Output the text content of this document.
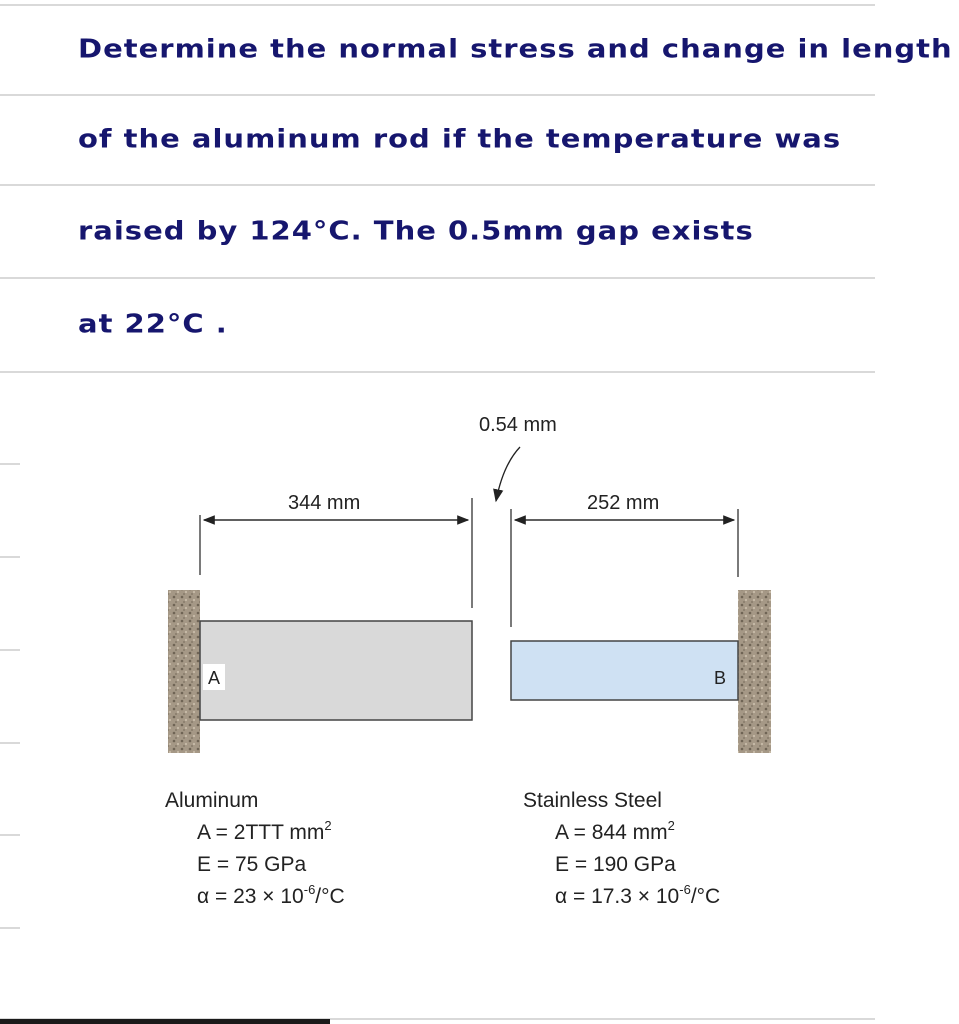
Determine the normal stress and change in length
of the aluminum rod if the temperature was
raised by 124°C. The 0.5mm gap exists
at 22°C .
A	B
344 mm	252 mm
0.54 mm
Aluminum
A = 2TTT $mm^2$
E = 75 GPa
$\alpha = 23 \times 10^{-6}/^\circ C$
Stainless Steel
A = 844 $mm^2$
E = 190 GPa
$\alpha = 17.3 \times 10^{-6}/^\circ C$
